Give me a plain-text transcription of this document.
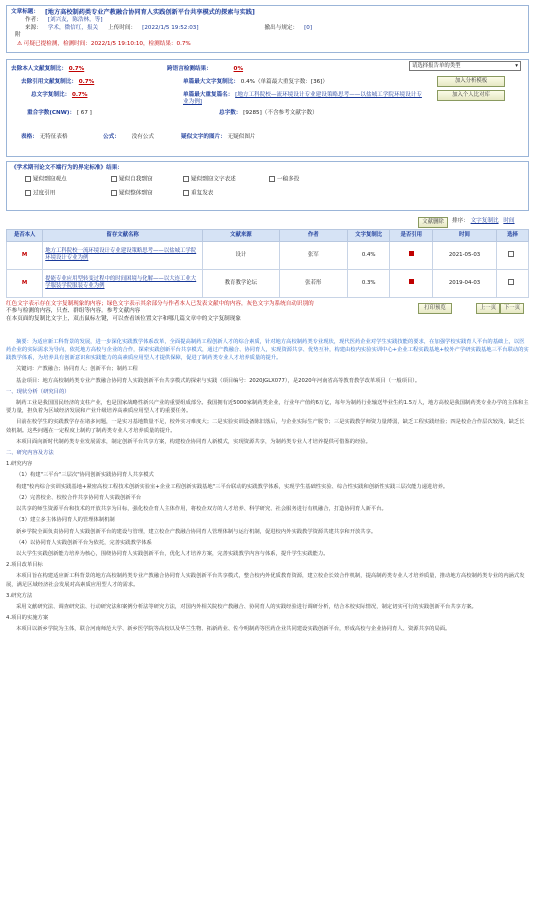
文章标题： [地方高校制药类专业产教融合协同育人实践创新平台共享模式的探索与实践]
作者： [刘兴友，陈浩林，等]
来源： 学术，微信红，报关 上传时间： [2022/1/5 19:52:03]	撤出与规定： [0]
附
⚠ 可疑已提检测，检测时间：2022/1/5 19:10:10，检测结果：0.7%
去除本人文献复制比： 0.7%	跨语言检测结果：	0%
去除引用文献复制比： 0.7%	单篇最大文字复制比： 0.4%（单篇最大重复字数：[36]）
总文字复制比： 0.7%	单篇最大重复篇名： [地方工科院校—流环境设计专业建设策略思考——以盐城工学院环境设计专业为例]
重合字数(CNW)： [ 67 ]	总字数： [9285]（不含参考文献字数）
请选择报告单的类型	▾
加入分析模板
加入个人比对库
表格： 无特征表格	公式： 没有公式	疑似文字的图片： 无疑似图片
《学术期刊论文不端行为的界定标准》结果：
疑似剽窃观点	疑似自我剽窃	疑似剽窃文字表述	一稿多投
过度引用	疑似整体剽窃	重复发表
文献删除	排序： 文字复制比 时间
是否本人	留存文献名称	文献来源	作者	文字复制比	是否引用	时间	选择
M	地方工科院校一流环境设计专业建设策略思考——以盐城工学院环境设计专业为例	设计	张军	0.4%		2021-05-03	
M	提能专业应用型转变过程中的时间困境与化解——以大连工业大学服装学院服装专业为例	教育教学论坛	张若彤	0.3%		2019-04-03	
红色文字表示存在文字复制现象的内容；绿色文字表示其余部分与作者本人已发表文献中的内容，灰色文字为系统自动识别的
不参与检测的内容，只查、群组等内容。参考文献内容
在本页面的复制比文字上，双击鼠标左键，可以查看该位置文字和哪几篇文章中的文字复制现象
打印预览	上一页	下一页

摘要：为适应新工科背景的发展，进一步深化实践教学体系改革，全面提高制药工程创新人才的综合素质，针对地方高校制药类专业现状，现代医药企业对学生实践技能的要求，在加强学校实践育人平台的基础上，以医药企业的实际需求为导向，依托地方高校与企业的合作，探索实践创新平台共享模式，通过产教融合、协同育人，实现资源共享、优势互补，构建由校内实验实训中心+企业工程实践基地+校外产学研实践基地三平台联动的实践教学体系，为培养具有创新意识和实践能力的高素质应用型人才提供保障，促进了制药类专业人才培养质量的提升。

关键词：产教融合；协同育人；创新平台；制药工程

基金项目：地方高校制药类专业产教融合协同育人实践创新平台共享模式的探索与实践（项目编号：2020JGLX077），是2020年河南省高等教育教学改革项目（一般项目）。

一、现状分析（研究目的）

制药工业是我国国民经济的支柱产业，也是国家战略性新兴产业的重要组成部分。我国拥有近5000家制药类企业，行业年产值约6万亿，每年为制药行业输送毕业生约1.5万人，地方高校是我国制药类专业办学的主体和主要力量，担负着为区域经济发展和产业升级培养高素质应用型人才的重要任务。

目前在校学生的实践教学存在诸多问题，一是实习基地数量不足，校外实习难度大；二是实验实训设备陈旧落后，与企业实际生产脱节；三是实践教学师资力量薄弱，缺乏工程实践经验；四是校企合作层次较浅，缺乏长效机制。这些问题在一定程度上制约了制药类专业人才培养质量的提升。

本项目面向新时代制药类专业发展需求，制定创新平台共享方案，构建校企协同育人新模式，实现资源共享，为制药类专业人才培养提供可借鉴的经验。

二、研究内容及方法

1.研究内容

（1）构建"三平台"三层次"协同创新实践协同育人共享模式

构建"校内综合实训实践基地+紧密高校工程技术创新实验室+企业工程创新实践基地"三平台联动的实践教学体系，实现学生基础性实验、综合性实践和创新性实践三层次能力递进培养。

（2）完善校企、校校合作共享协同育人实践创新平台

以共享的师生资源平台和技术的开放共享为目标，强化校企育人主体作用，将校企双方的人才培养、科学研究、社会服务进行有机融合，打造协同育人新平台。

（3）建立多主体协同育人的管理体制机制

新乡学院全面负责协同育人实践创新平台的建设与管理，建立校企产教融合协同育人管理体制与运行机制，促进校内外实践教学资源共建共享和开放共享。

（4）以协同育人实践创新平台为依托，完善实践教学体系

以大学生实践创新能力培养为核心，围绕协同育人实践创新平台，优化人才培养方案，完善实践教学内容与体系，提升学生实践能力。

2.项目改革目标

本项目旨在构建适应新工科背景的地方高校制药类专业产教融合协同育人实践创新平台共享模式，整合校内外优质教育资源，建立校企长效合作机制，提高制药类专业人才培养质量，推动地方高校制药类专业的内涵式发展，满足区域经济社会发展对高素质应用型人才的需求。

3.研究方法

采用文献研究法、调查研究法、行动研究法和案例分析法等研究方法，对国内外相关院校产教融合、协同育人的实践经验进行调研分析，结合本校实际情况，制定切实可行的实践创新平台共享方案。

4.项目的实施方案

本项目以新乡学院为主体，联合河南师范大学、新乡医学院等高校以及华兰生物、拓新药业、佐今明制药等医药企业共同建设实践创新平台，形成高校与企业协同育人、资源共享的局面。
